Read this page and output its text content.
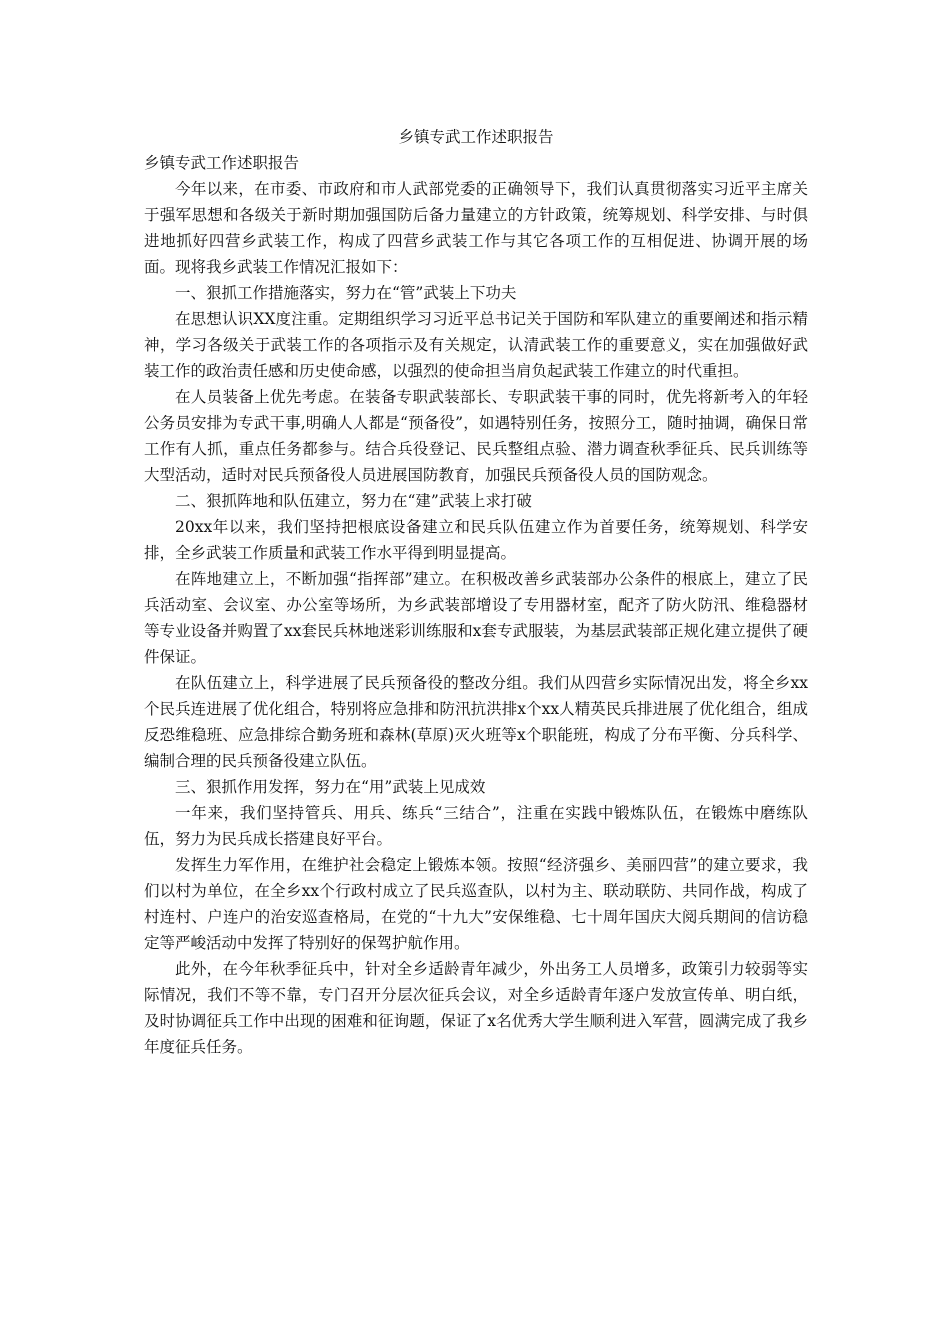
乡镇专武工作述职报告

乡镇专武工作述职报告

今年以来，在市委、市政府和市人武部党委的正确领导下，我们认真贯彻落实习近平主席关于强军思想和各级关于新时期加强国防后备力量建立的方针政策，统筹规划、科学安排、与时俱进地抓好四营乡武装工作，构成了四营乡武装工作与其它各项工作的互相促进、协调开展的场面。现将我乡武装工作情况汇报如下：

一、狠抓工作措施落实，努力在“管”武装上下功夫

在思想认识XX度注重。定期组织学习习近平总书记关于国防和军队建立的重要阐述和指示精神，学习各级关于武装工作的各项指示及有关规定，认清武装工作的重要意义，实在加强做好武装工作的政治责任感和历史使命感，以强烈的使命担当肩负起武装工作建立的时代重担。

在人员装备上优先考虑。在装备专职武装部长、专职武装干事的同时，优先将新考入的年轻公务员安排为专武干事,明确人人都是“预备役”，如遇特别任务，按照分工，随时抽调，确保日常工作有人抓，重点任务都参与。结合兵役登记、民兵整组点验、潜力调查秋季征兵、民兵训练等大型活动，适时对民兵预备役人员进展国防教育，加强民兵预备役人员的国防观念。

二、狠抓阵地和队伍建立，努力在“建”武装上求打破

20xx年以来，我们坚持把根底设备建立和民兵队伍建立作为首要任务，统筹规划、科学安排，全乡武装工作质量和武装工作水平得到明显提高。

在阵地建立上，不断加强“指挥部”建立。在积极改善乡武装部办公条件的根底上，建立了民兵活动室、会议室、办公室等场所，为乡武装部增设了专用器材室，配齐了防火防汛、维稳器材等专业设备并购置了xx套民兵林地迷彩训练服和x套专武服装，为基层武装部正规化建立提供了硬件保证。

在队伍建立上，科学进展了民兵预备役的整改分组。我们从四营乡实际情况出发，将全乡xx个民兵连进展了优化组合，特别将应急排和防汛抗洪排x个xx人精英民兵排进展了优化组合，组成反恐维稳班、应急排综合勤务班和森林(草原)灭火班等x个职能班，构成了分布平衡、分兵科学、编制合理的民兵预备役建立队伍。

三、狠抓作用发挥，努力在“用”武装上见成效

一年来，我们坚持管兵、用兵、练兵“三结合”，注重在实践中锻炼队伍，在锻炼中磨练队伍，努力为民兵成长搭建良好平台。

发挥生力军作用，在维护社会稳定上锻炼本领。按照“经济强乡、美丽四营”的建立要求，我们以村为单位，在全乡xx个行政村成立了民兵巡查队，以村为主、联动联防、共同作战，构成了村连村、户连户的治安巡查格局，在党的“十九大”安保维稳、七十周年国庆大阅兵期间的信访稳定等严峻活动中发挥了特别好的保驾护航作用。

此外，在今年秋季征兵中，针对全乡适龄青年减少，外出务工人员增多，政策引力较弱等实际情况，我们不等不靠，专门召开分层次征兵会议，对全乡适龄青年逐户发放宣传单、明白纸，及时协调征兵工作中出现的困难和征询题，保证了x名优秀大学生顺利进入军营，圆满完成了我乡年度征兵任务。
